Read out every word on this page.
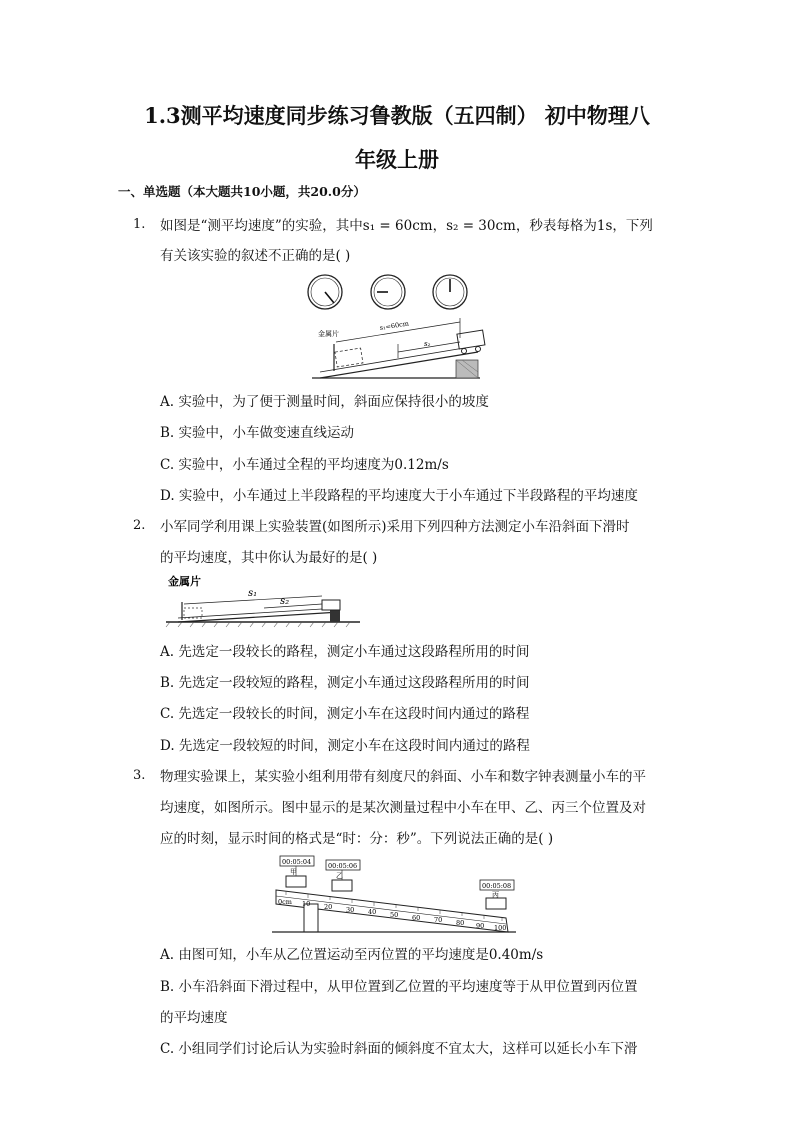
1.3测平均速度同步练习鲁教版（五四制） 初中物理八
年级上册
一、单选题（本大题共10小题，共20.0分）
1. 如图是“测平均速度”的实验，其中s₁ = 60cm，s₂ = 30cm，秒表每格为1s，下列
有关该实验的叙述不正确的是( )
金属片
s₁=60cm
s₂
A. 实验中，为了便于测量时间，斜面应保持很小的坡度
B. 实验中，小车做变速直线运动
C. 实验中，小车通过全程的平均速度为0.12m/s
D. 实验中，小车通过上半段路程的平均速度大于小车通过下半段路程的平均速度
2. 小军同学利用课上实验装置(如图所示)采用下列四种方法测定小车沿斜面下滑时
的平均速度，其中你认为最好的是( )
金属片
s₁
s₂
A. 先选定一段较长的路程，测定小车通过这段路程所用的时间
B. 先选定一段较短的路程，测定小车通过这段路程所用的时间
C. 先选定一段较长的时间，测定小车在这段时间内通过的路程
D. 先选定一段较短的时间，测定小车在这段时间内通过的路程
3. 物理实验课上，某实验小组利用带有刻度尺的斜面、小车和数字钟表测量小车的平
均速度，如图所示。图中显示的是某次测量过程中小车在甲、乙、丙三个位置及对
应的时刻，显示时间的格式是“时：分：秒”。下列说法正确的是( )
0cm 10 20 30 40 50 60 70 80 90 100
00:05:04
甲
00:05:06
乙
00:05:08
丙
A. 由图可知，小车从乙位置运动至丙位置的平均速度是0.40m/s
B. 小车沿斜面下滑过程中，从甲位置到乙位置的平均速度等于从甲位置到丙位置
的平均速度
C. 小组同学们讨论后认为实验时斜面的倾斜度不宜太大，这样可以延长小车下滑
